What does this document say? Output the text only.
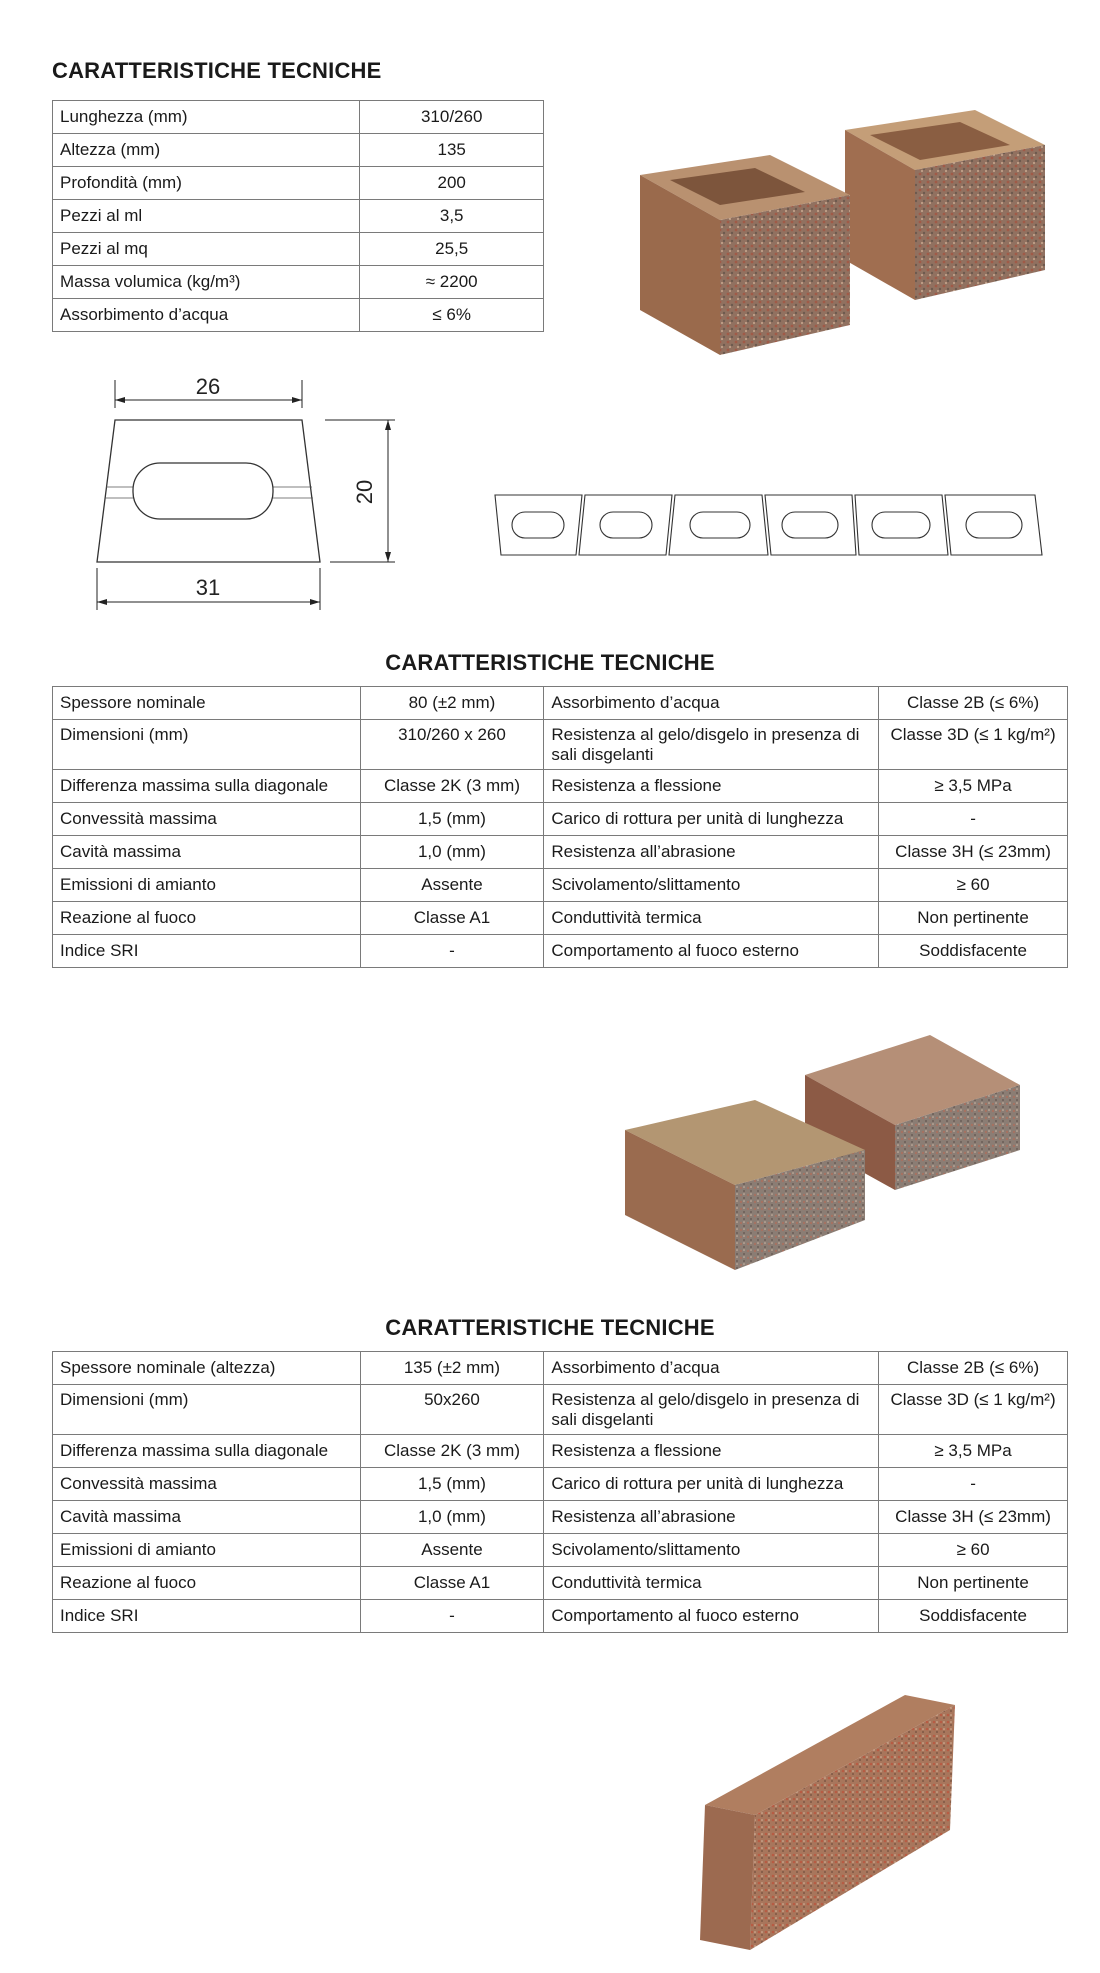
CARATTERISTICHE TECNICHE
Lunghezza (mm)	310/260
Altezza (mm)	135
Profondità (mm)	200
Pezzi al ml	3,5
Pezzi al mq	25,5
Massa volumica (kg/m³)	≈ 2200
Assorbimento d’acqua	≤ 6%
26
20
31
CARATTERISTICHE TECNICHE
Spessore nominale	80 (±2 mm)	Assorbimento d’acqua	Classe 2B (≤ 6%)
Dimensioni (mm)	310/260 x 260	Resistenza al gelo/disgelo in presenza di sali disgelanti	Classe 3D (≤ 1 kg/m²)
Differenza massima sulla diagonale	Classe 2K (3 mm)	Resistenza a flessione	≥ 3,5 MPa
Convessità massima	1,5 (mm)	Carico di rottura per unità di lunghezza	-
Cavità massima	1,0 (mm)	Resistenza all’abrasione	Classe 3H (≤ 23mm)
Emissioni di amianto	Assente	Scivolamento/slittamento	≥ 60
Reazione al fuoco	Classe A1	Conduttività termica	Non pertinente
Indice SRI	-	Comportamento al fuoco esterno	Soddisfacente
CARATTERISTICHE TECNICHE
Spessore nominale (altezza)	135 (±2 mm)	Assorbimento d’acqua	Classe 2B (≤ 6%)
Dimensioni (mm)	50x260	Resistenza al gelo/disgelo in presenza di sali disgelanti	Classe 3D (≤ 1 kg/m²)
Differenza massima sulla diagonale	Classe 2K (3 mm)	Resistenza a flessione	≥ 3,5 MPa
Convessità massima	1,5 (mm)	Carico di rottura per unità di lunghezza	-
Cavità massima	1,0 (mm)	Resistenza all’abrasione	Classe 3H (≤ 23mm)
Emissioni di amianto	Assente	Scivolamento/slittamento	≥ 60
Reazione al fuoco	Classe A1	Conduttività termica	Non pertinente
Indice SRI	-	Comportamento al fuoco esterno	Soddisfacente
